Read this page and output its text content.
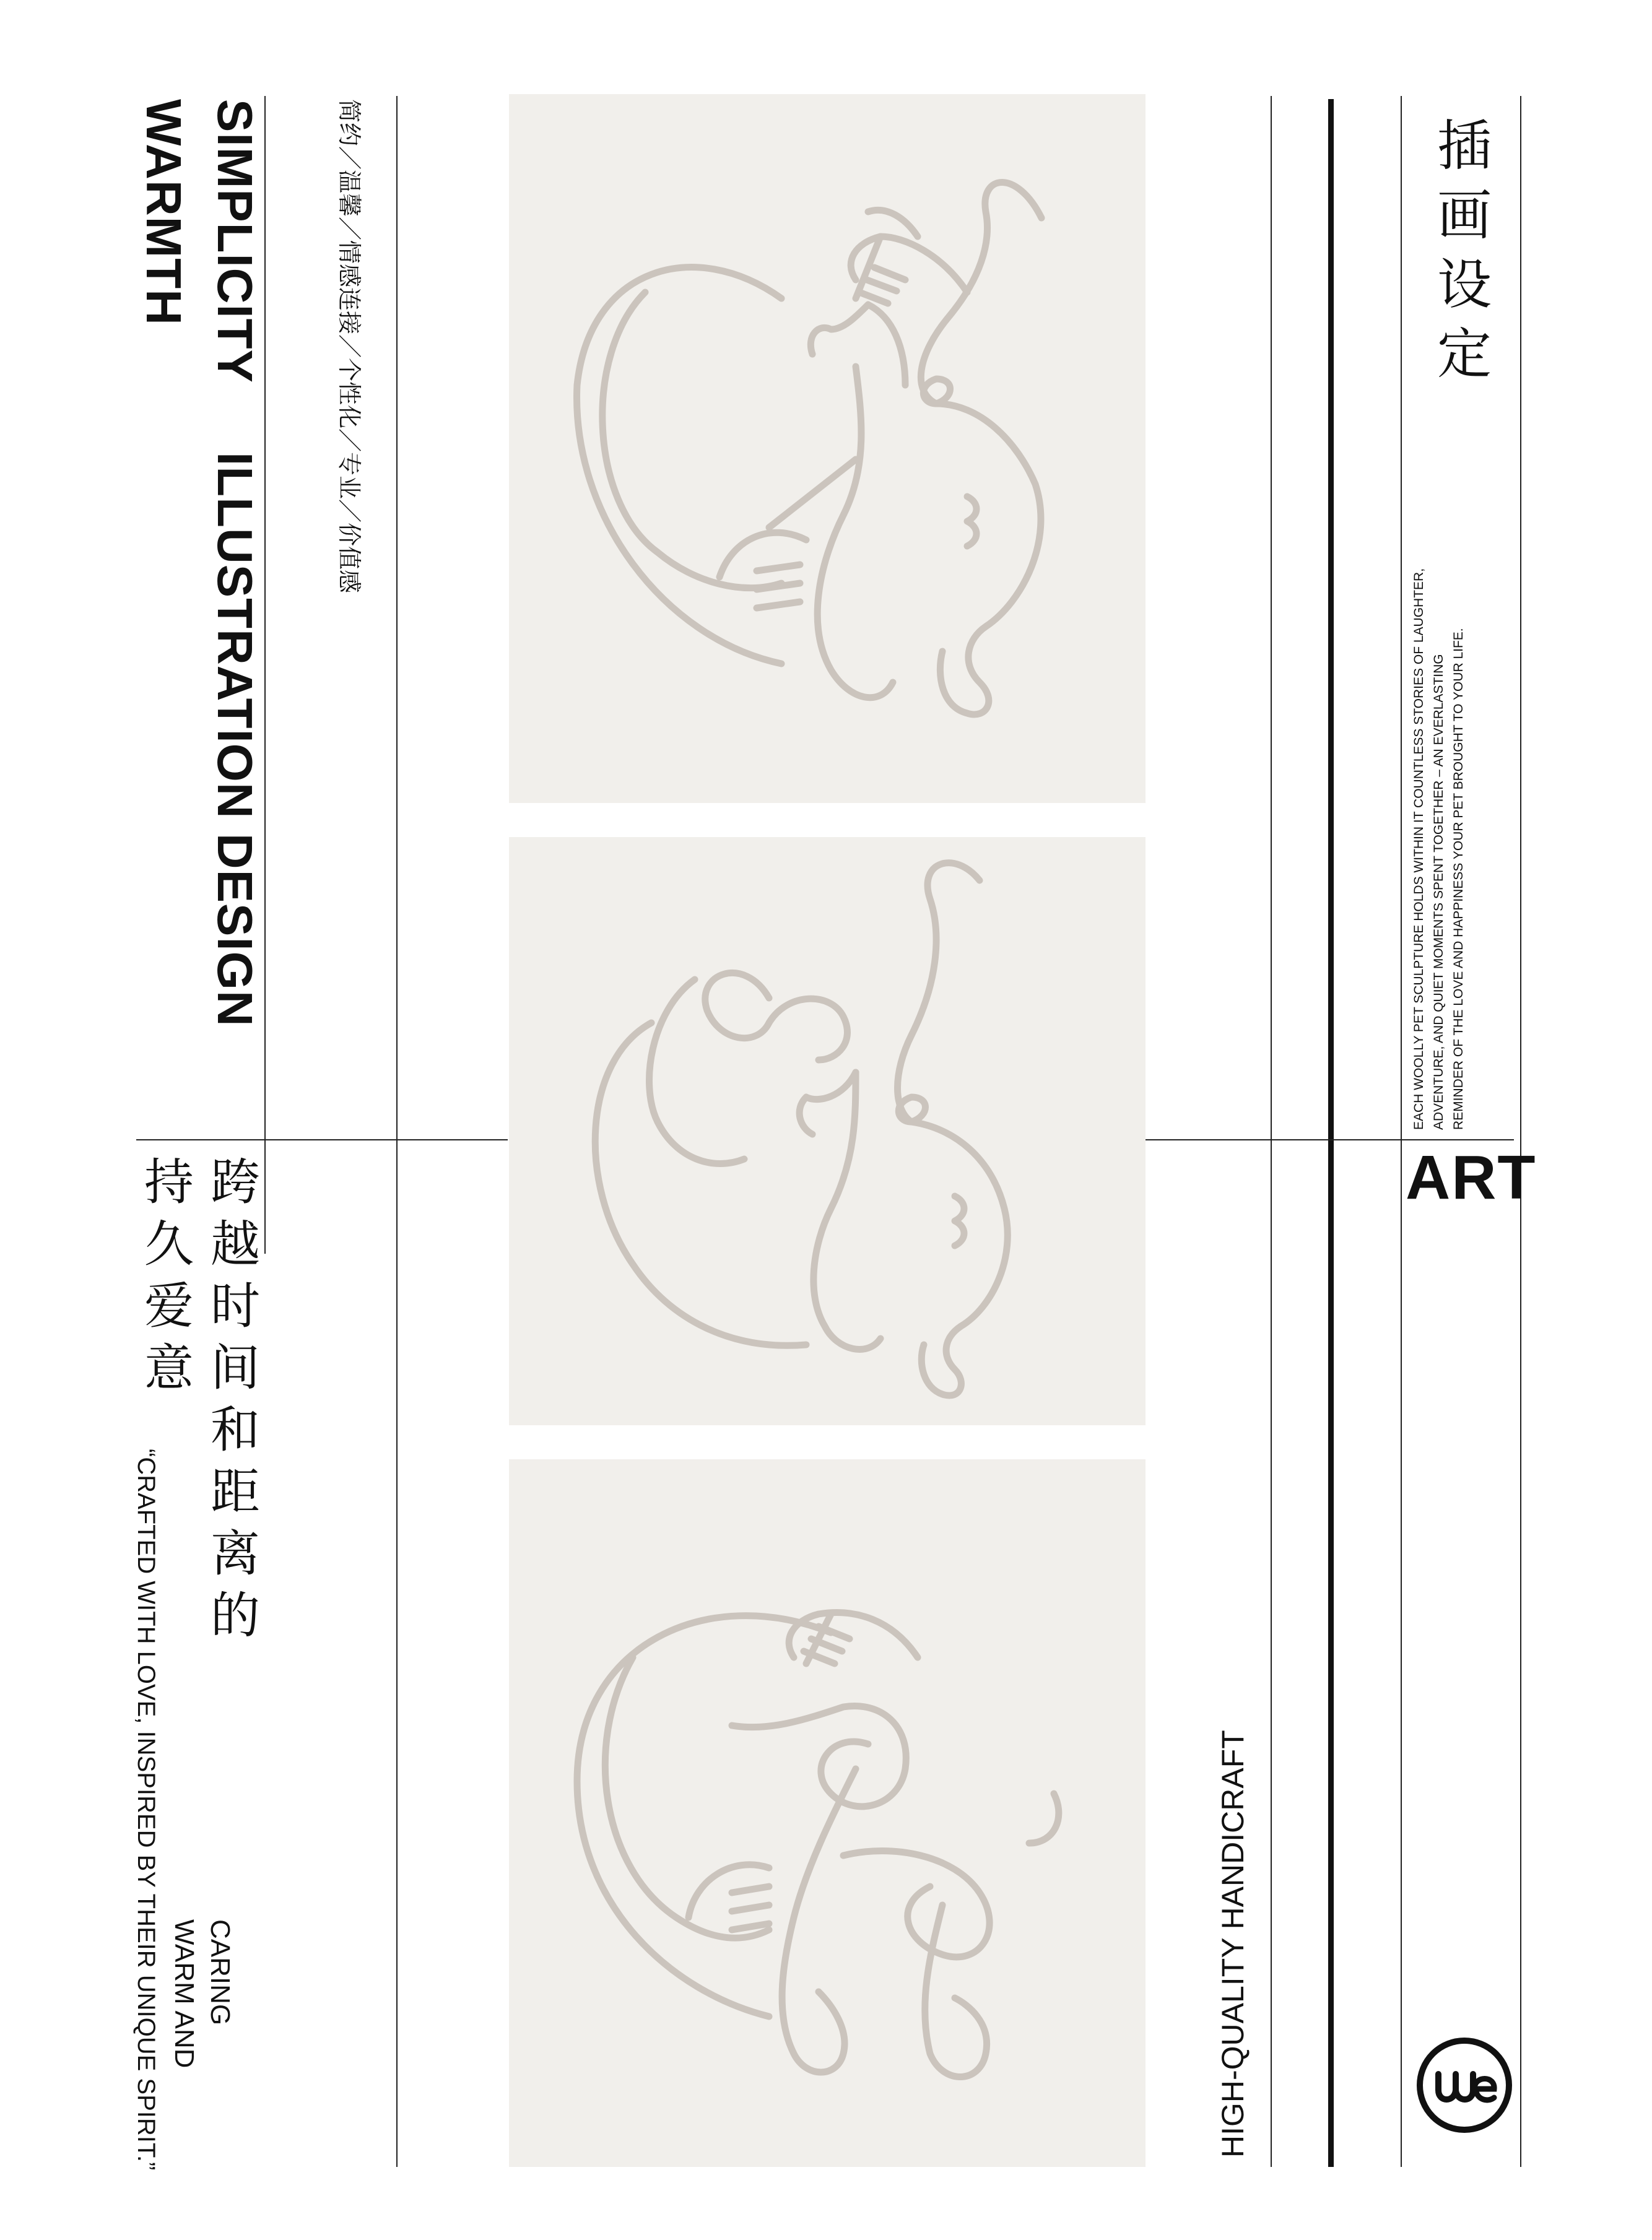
SIMPLICITY
ILLUSTRATION DESIGN
WARMTH	简约／温馨／情感连接／个性化／专业／价值感
跨
越
时
间
和
距
离
的
持
久
爱
意
“CRAFTED WITH LOVE, INSPIRED BY THEIR UNIQUE SPIRIT.” WARM AND CARING	HIGH-QUALITY HANDICRAFT
插
画
设
定
EACH WOOLLY PET SCULPTURE HOLDS WITHIN IT COUNTLESS STORIES OF LAUGHTER, ADVENTURE, AND QUIET MOMENTS SPENT TOGETHER – AN EVERLASTING REMINDER OF THE LOVE AND HAPPINESS YOUR PET BROUGHT TO YOUR LIFE.
ART
